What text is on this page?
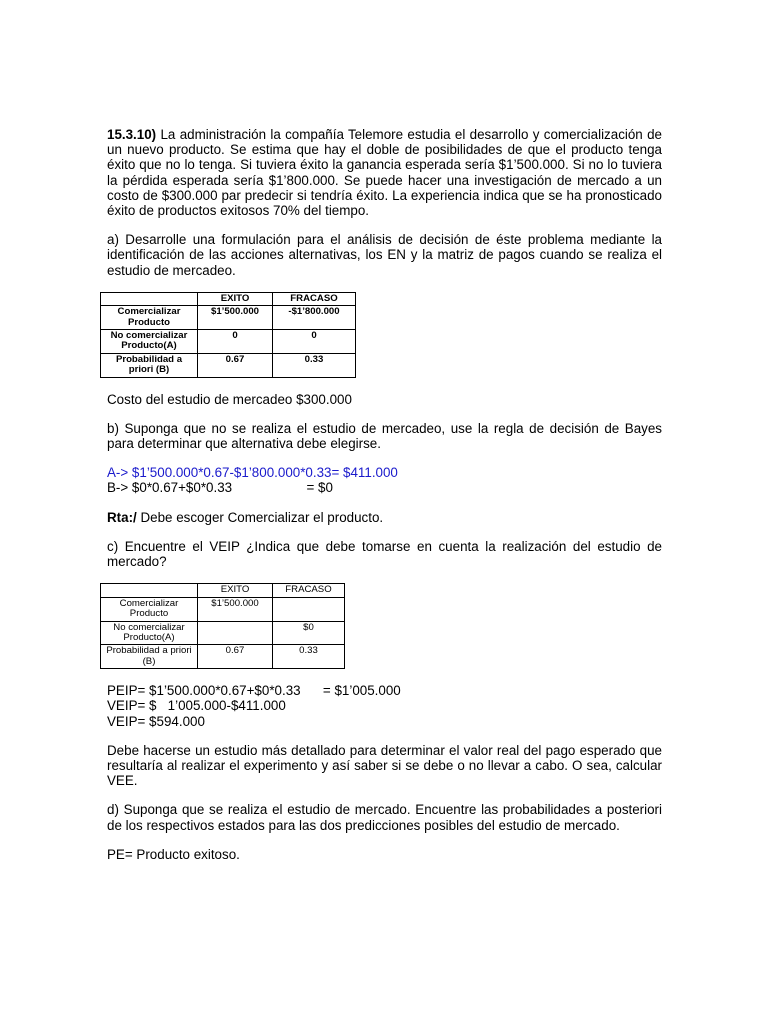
15.3.10) La administración la compañía Telemore estudia el desarrollo y comercialización de un nuevo producto. Se estima que hay el doble de posibilidades de que el producto tenga éxito que no lo tenga. Si tuviera éxito la ganancia esperada sería $1’500.000. Si no lo tuviera la pérdida esperada sería $1’800.000. Se puede hacer una investigación de mercado a un costo de $300.000 par predecir si tendría éxito. La experiencia indica que se ha pronosticado éxito de productos exitosos 70% del tiempo.

a) Desarrolle una formulación para el análisis de decisión de éste problema mediante la identificación de las acciones alternativas, los EN y la matriz de pagos cuando se realiza el estudio de mercadeo.

	EXITO	FRACASO
Comercializar Producto	$1’500.000	-$1’800.000
No comercializar Producto(A)	0	0
Probabilidad a priori (B)	0.67	0.33

Costo del estudio de mercadeo $300.000

b) Suponga que no se realiza el estudio de mercadeo, use la regla de decisión de Bayes para determinar que alternativa debe elegirse.

A-> $1’500.000*0.67-$1’800.000*0.33= $411.000

B-> $0*0.67+$0*0.33                    = $0

Rta:/ Debe escoger Comercializar el producto.

c) Encuentre el VEIP ¿Indica que debe tomarse en cuenta la realización del estudio de mercado?

	EXITO	FRACASO
Comercializar Producto	$1’500.000	
No comercializar Producto(A)		$0
Probabilidad a priori (B)	0.67	0.33

PEIP= $1’500.000*0.67+$0*0.33      = $1’005.000

VEIP= $   1’005.000-$411.000

VEIP= $594.000

Debe hacerse un estudio más detallado para determinar el valor real del pago esperado que resultaría al realizar el experimento y así saber si se debe o no llevar a cabo. O sea, calcular VEE.

d) Suponga que se realiza el estudio de mercado. Encuentre las probabilidades a posteriori de los respectivos estados para las dos predicciones posibles del estudio de mercado.

PE= Producto exitoso.
